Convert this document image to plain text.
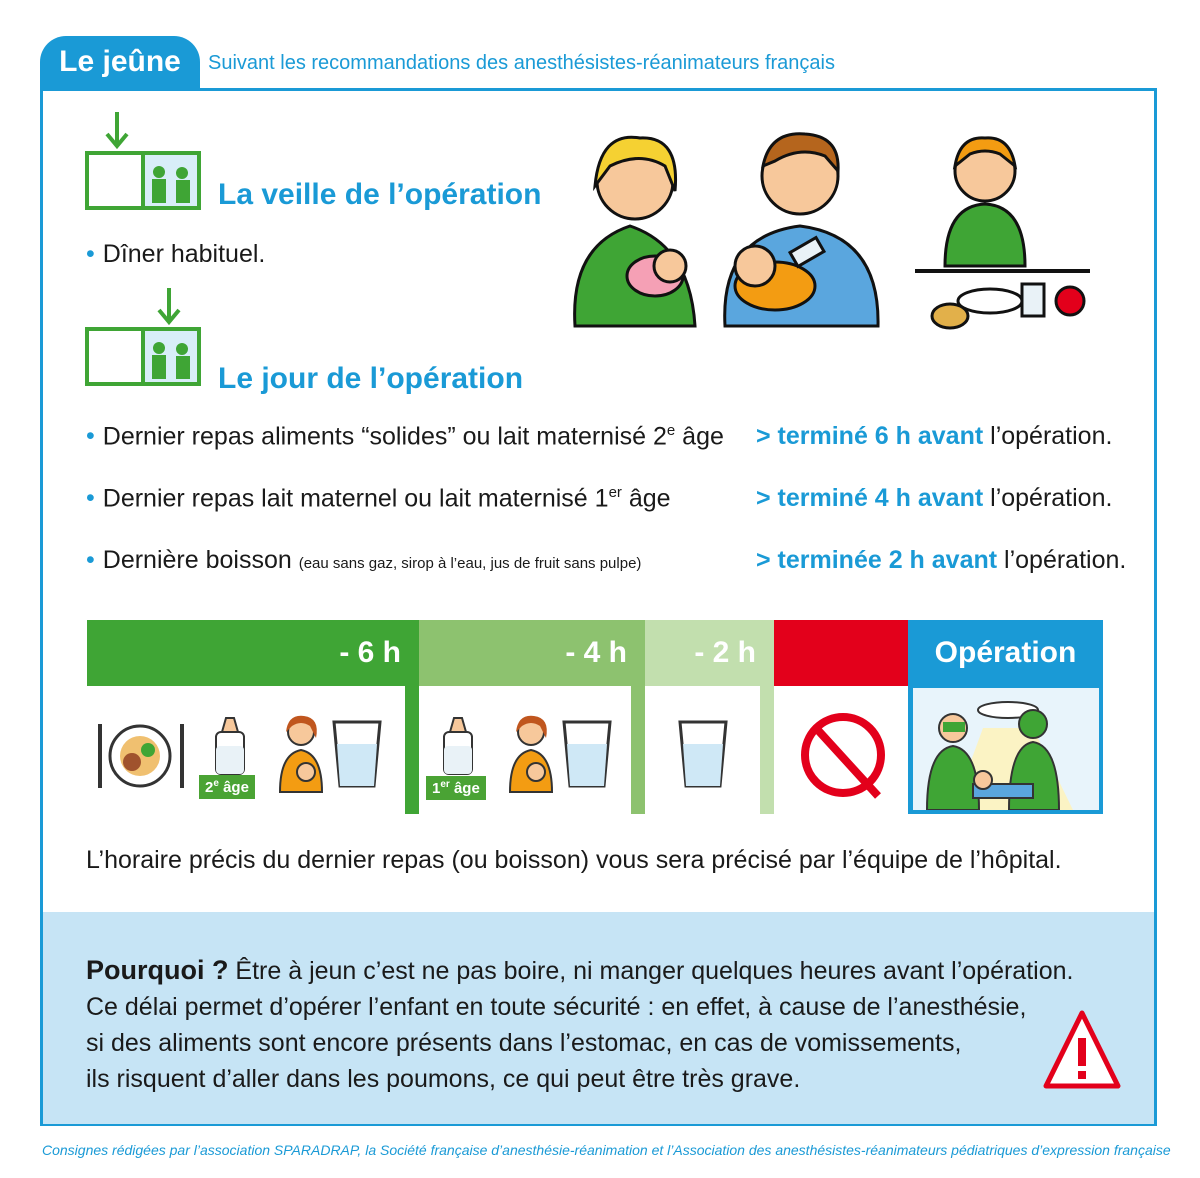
Le jeûne	Suivant les recommandations des anesthésistes-réanimateurs français
La veille de l’opération
• Dîner habituel.
Le jour de l’opération
• Dernier repas aliments “solides” ou lait maternisé 2e âge > terminé 6 h avant l’opération.
• Dernier repas lait maternel ou lait maternisé 1er âge	> terminé 4 h avant l’opération.
• Dernière boisson (eau sans gaz, sirop à l’eau, jus de fruit sans pulpe)	> terminée 2 h avant l’opération.
- 6 h	- 4 h	- 2 h	Opération
2e âge	1er âge
L’horaire précis du dernier repas (ou boisson) vous sera précisé par l’équipe de l’hôpital.
Pourquoi ? Être à jeun c’est ne pas boire, ni manger quelques heures avant l’opération.
Ce délai permet d’opérer l’enfant en toute sécurité : en effet, à cause de l’anesthésie,
si des aliments sont encore présents dans l’estomac, en cas de vomissements,
ils risquent d’aller dans les poumons, ce qui peut être très grave.
Consignes rédigées par l’association SPARADRAP, la Société française d’anesthésie-réanimation et l’Association des anesthésistes-réanimateurs pédiatriques d’expression française
